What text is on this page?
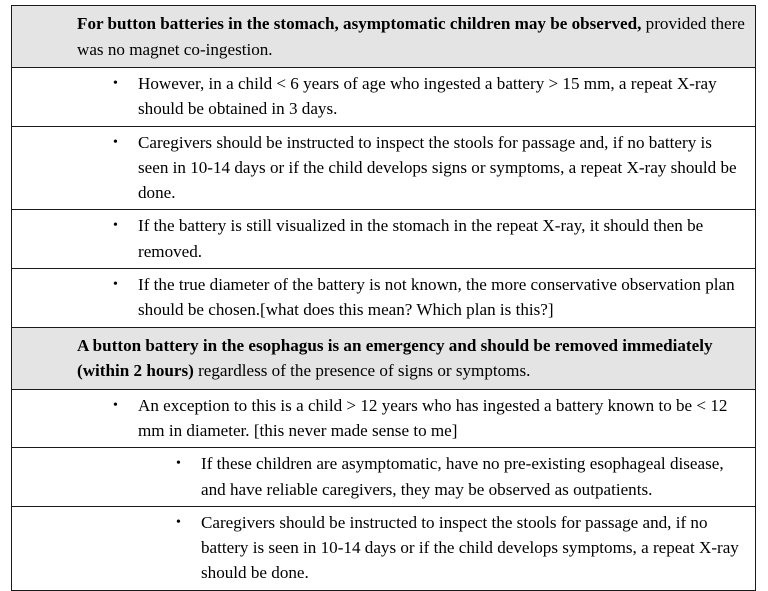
For button batteries in the stomach, asymptomatic children may be observed, provided there was no magnet co-ingestion.

• However, in a child < 6 years of age who ingested a battery > 15 mm, a repeat X-ray should be obtained in 3 days.

• Caregivers should be instructed to inspect the stools for passage and, if no battery is seen in 10-14 days or if the child develops signs or symptoms, a repeat X-ray should be done.

• If the battery is still visualized in the stomach in the repeat X-ray, it should then be removed.

• If the true diameter of the battery is not known, the more conservative observation plan should be chosen.[what does this mean? Which plan is this?]

A button battery in the esophagus is an emergency and should be removed immediately (within 2 hours) regardless of the presence of signs or symptoms.

• An exception to this is a child > 12 years who has ingested a battery known to be < 12 mm in diameter. [this never made sense to me]

• If these children are asymptomatic, have no pre-existing esophageal disease, and have reliable caregivers, they may be observed as outpatients.

• Caregivers should be instructed to inspect the stools for passage and, if no battery is seen in 10-14 days or if the child develops symptoms, a repeat X-ray should be done.
